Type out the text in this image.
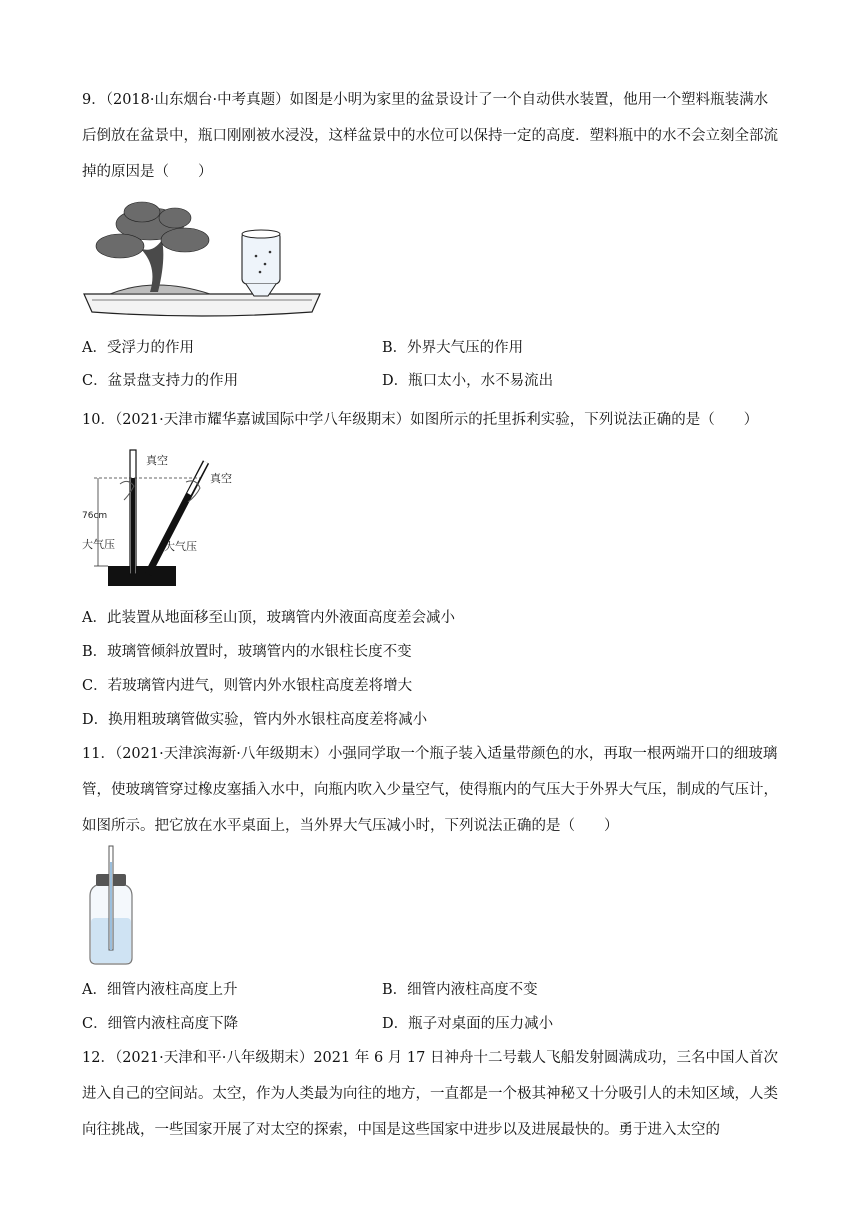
9．（2018·山东烟台·中考真题）如图是小明为家里的盆景设计了一个自动供水装置，他用一个塑料瓶装满水后倒放在盆景中，瓶口刚刚被水浸没，这样盆景中的水位可以保持一定的高度．塑料瓶中的水不会立刻全部流掉的原因是（　　）
A．受浮力的作用	B．外界大气压的作用
C．盆景盘支持力的作用	D．瓶口太小，水不易流出
10．（2021·天津市耀华嘉诚国际中学八年级期末）如图所示的托里拆利实验，下列说法正确的是（　　）
真空
真空
76cm
大气压	大气压
A．此装置从地面移至山顶，玻璃管内外液面高度差会减小
B．玻璃管倾斜放置时，玻璃管内的水银柱长度不变
C．若玻璃管内进气，则管内外水银柱高度差将增大
D．换用粗玻璃管做实验，管内外水银柱高度差将减小
11．（2021·天津滨海新·八年级期末）小强同学取一个瓶子装入适量带颜色的水，再取一根两端开口的细玻璃管，使玻璃管穿过橡皮塞插入水中，向瓶内吹入少量空气，使得瓶内的气压大于外界大气压，制成的气压计， 如图所示。把它放在水平桌面上，当外界大气压减小时，下列说法正确的是（　　）
A．细管内液柱高度上升	B．细管内液柱高度不变
C．细管内液柱高度下降	D．瓶子对桌面的压力减小
12．（2021·天津和平·八年级期末）2021 年 6 月 17 日神舟十二号载人飞船发射圆满成功，三名中国人首次进入自己的空间站。太空，作为人类最为向往的地方，一直都是一个极其神秘又十分吸引人的未知区域，人类向往挑战，一些国家开展了对太空的探索，中国是这些国家中进步以及进展最快的。勇于进入太空的
